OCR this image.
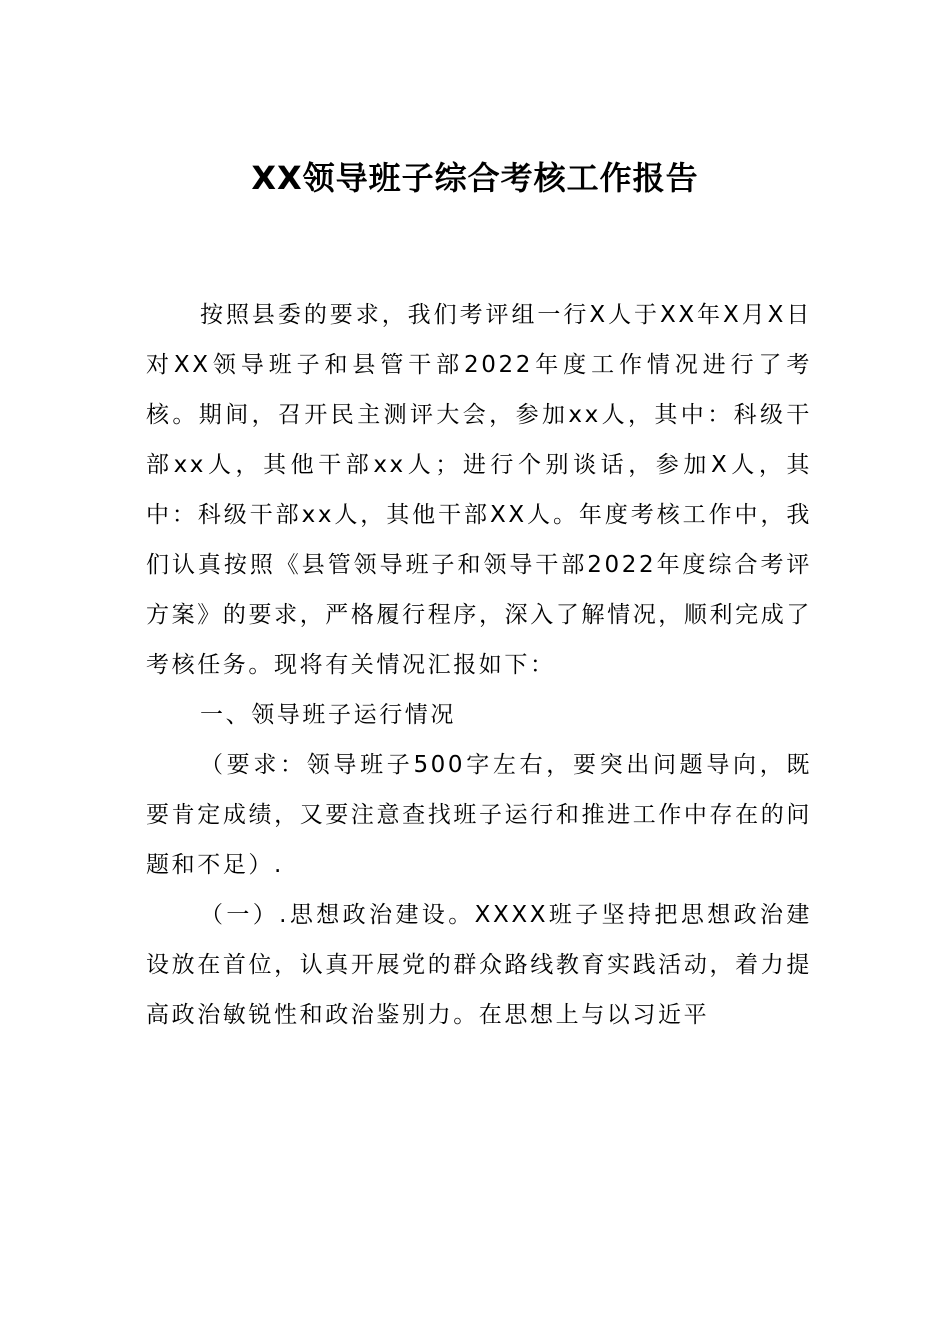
XX领导班子综合考核工作报告

按照县委的要求，我们考评组一行X人于XX年X月X日对XX领导班子和县管干部2022年度工作情况进行了考核。期间，召开民主测评大会，参加xx人，其中：科级干部xx人，其他干部xx人；进行个别谈话，参加X人，其中：科级干部xx人，其他干部XX人。年度考核工作中，我们认真按照《县管领导班子和领导干部2022年度综合考评方案》的要求，严格履行程序，深入了解情况，顺利完成了考核任务。现将有关情况汇报如下：

一、领导班子运行情况

（要求：领导班子500字左右，要突出问题导向，既要肯定成绩，又要注意查找班子运行和推进工作中存在的问题和不足）.

（一）.思想政治建设。XXXX班子坚持把思想政治建设放在首位，认真开展党的群众路线教育实践活动，着力提高政治敏锐性和政治鉴别力。在思想上与以习近平
